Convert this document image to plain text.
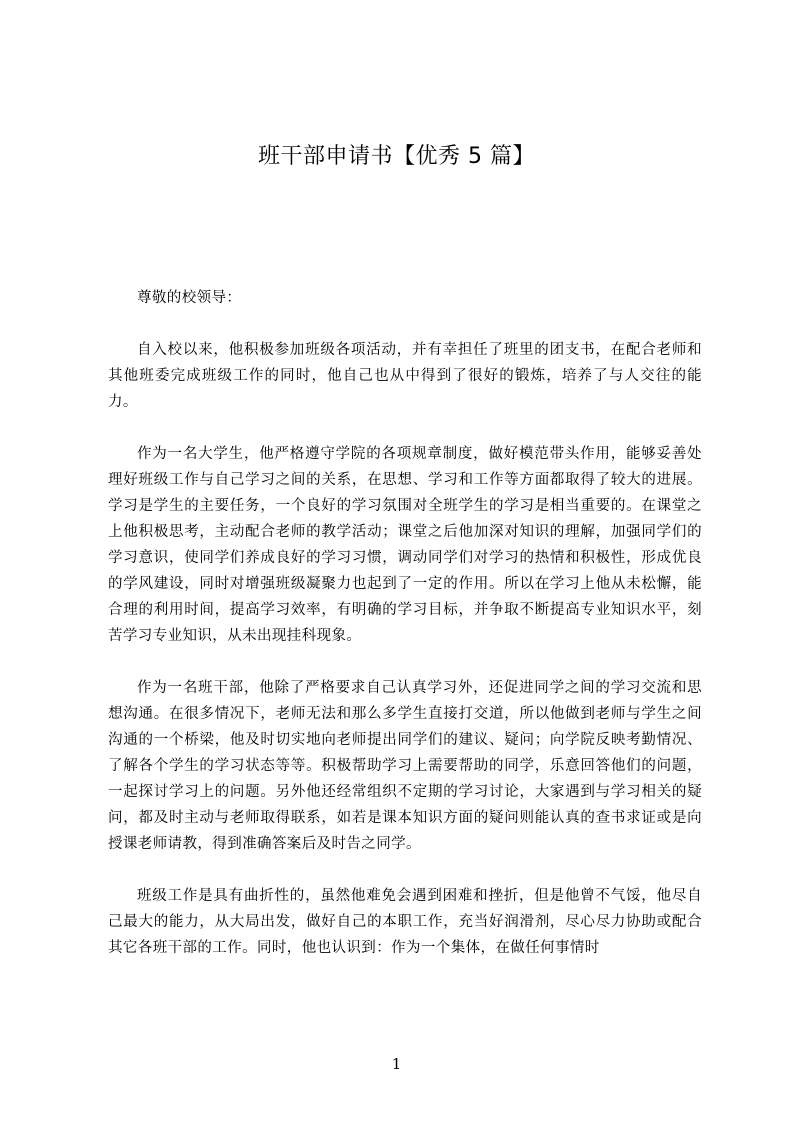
班干部申请书【优秀 5 篇】

尊敬的校领导：

自入校以来，他积极参加班级各项活动，并有幸担任了班里的团支书，在配合老师和其他班委完成班级工作的同时，他自己也从中得到了很好的锻炼，培养了与人交往的能力。

作为一名大学生，他严格遵守学院的各项规章制度，做好模范带头作用，能够妥善处理好班级工作与自己学习之间的关系，在思想、学习和工作等方面都取得了较大的进展。学习是学生的主要任务，一个良好的学习氛围对全班学生的学习是相当重要的。在课堂之上他积极思考，主动配合老师的教学活动；课堂之后他加深对知识的理解，加强同学们的学习意识，使同学们养成良好的学习习惯，调动同学们对学习的热情和积极性，形成优良的学风建设，同时对增强班级凝聚力也起到了一定的作用。所以在学习上他从未松懈，能合理的利用时间，提高学习效率，有明确的学习目标，并争取不断提高专业知识水平，刻苦学习专业知识，从未出现挂科现象。

作为一名班干部，他除了严格要求自己认真学习外，还促进同学之间的学习交流和思想沟通。在很多情况下，老师无法和那么多学生直接打交道，所以他做到老师与学生之间沟通的一个桥梁，他及时切实地向老师提出同学们的建议、疑问；向学院反映考勤情况、了解各个学生的学习状态等等。积极帮助学习上需要帮助的同学，乐意回答他们的问题，一起探讨学习上的问题。另外他还经常组织不定期的学习讨论，大家遇到与学习相关的疑问，都及时主动与老师取得联系，如若是课本知识方面的疑问则能认真的查书求证或是向授课老师请教，得到准确答案后及时告之同学。

班级工作是具有曲折性的，虽然他难免会遇到困难和挫折，但是他曾不气馁，他尽自己最大的能力，从大局出发，做好自己的本职工作，充当好润滑剂，尽心尽力协助或配合其它各班干部的工作。同时，他也认识到：作为一个集体，在做任何事情时

1
